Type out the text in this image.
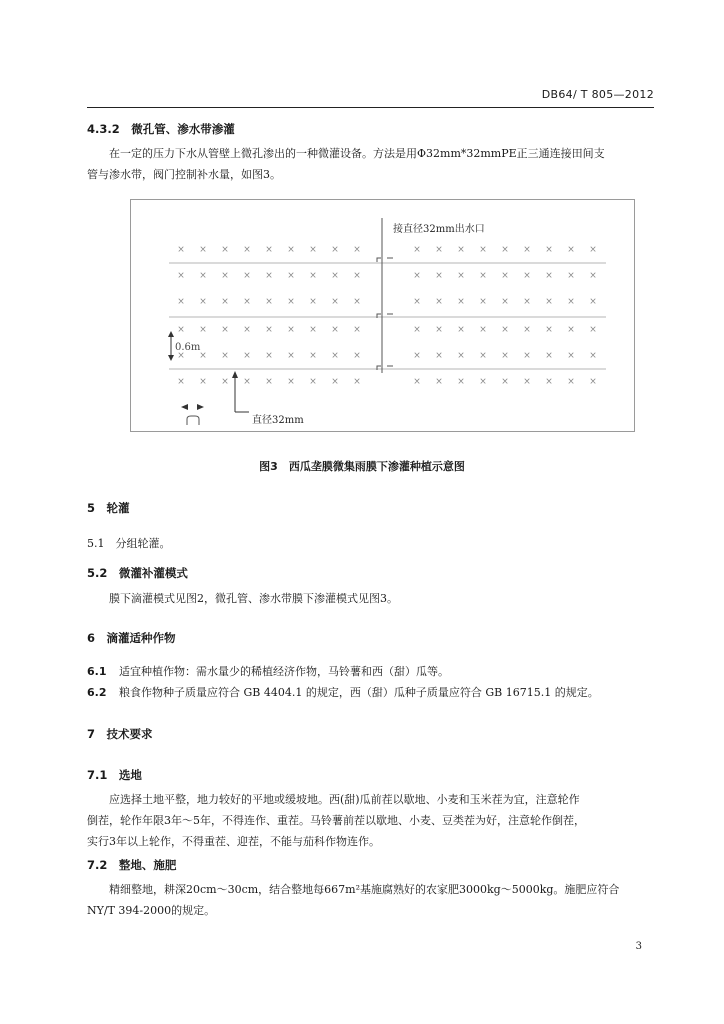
DB64/ T 805—2012
4.3.2　微孔管、渗水带渗灌
在一定的压力下水从管壁上微孔渗出的一种微灌设备。方法是用Φ32mm*32mmPE正三通连接田间支
管与渗水带，阀门控制补水量，如图3。
× × × × × × × × ×	× × × × × × × × ×
× × × × × × × × ×	× × × × × × × × ×
× × × × × × × × ×	× × × × × × × × ×
× × × × × × × × ×	× × × × × × × × ×
× × × × × × × × ×	× × × × × × × × ×
× × × × × × × × ×	× × × × × × × × ×
接直径32mm出水口
0.6m
直径32mm
图3　西瓜垄膜微集雨膜下渗灌种植示意图
5　轮灌
5.1　分组轮灌。
5.2　微灌补灌模式
膜下滴灌模式见图2，微孔管、渗水带膜下渗灌模式见图3。
6　滴灌适种作物
6.1 适宜种植作物：需水量少的稀植经济作物，马铃薯和西（甜）瓜等。
6.2 粮食作物种子质量应符合 GB 4404.1 的规定，西（甜）瓜种子质量应符合 GB 16715.1 的规定。
7　技术要求
7.1　选地
应选择土地平整，地力较好的平地或缓坡地。西(甜)瓜前茬以歇地、小麦和玉米茬为宜，注意轮作
倒茬，轮作年限3年～5年，不得连作、重茬。马铃薯前茬以歇地、小麦、豆类茬为好，注意轮作倒茬，
实行3年以上轮作，不得重茬、迎茬，不能与茄科作物连作。
7.2　整地、施肥
精细整地，耕深20cm～30cm，结合整地每667m²基施腐熟好的农家肥3000kg～5000kg。施肥应符合
NY/T 394-2000的规定。
3
